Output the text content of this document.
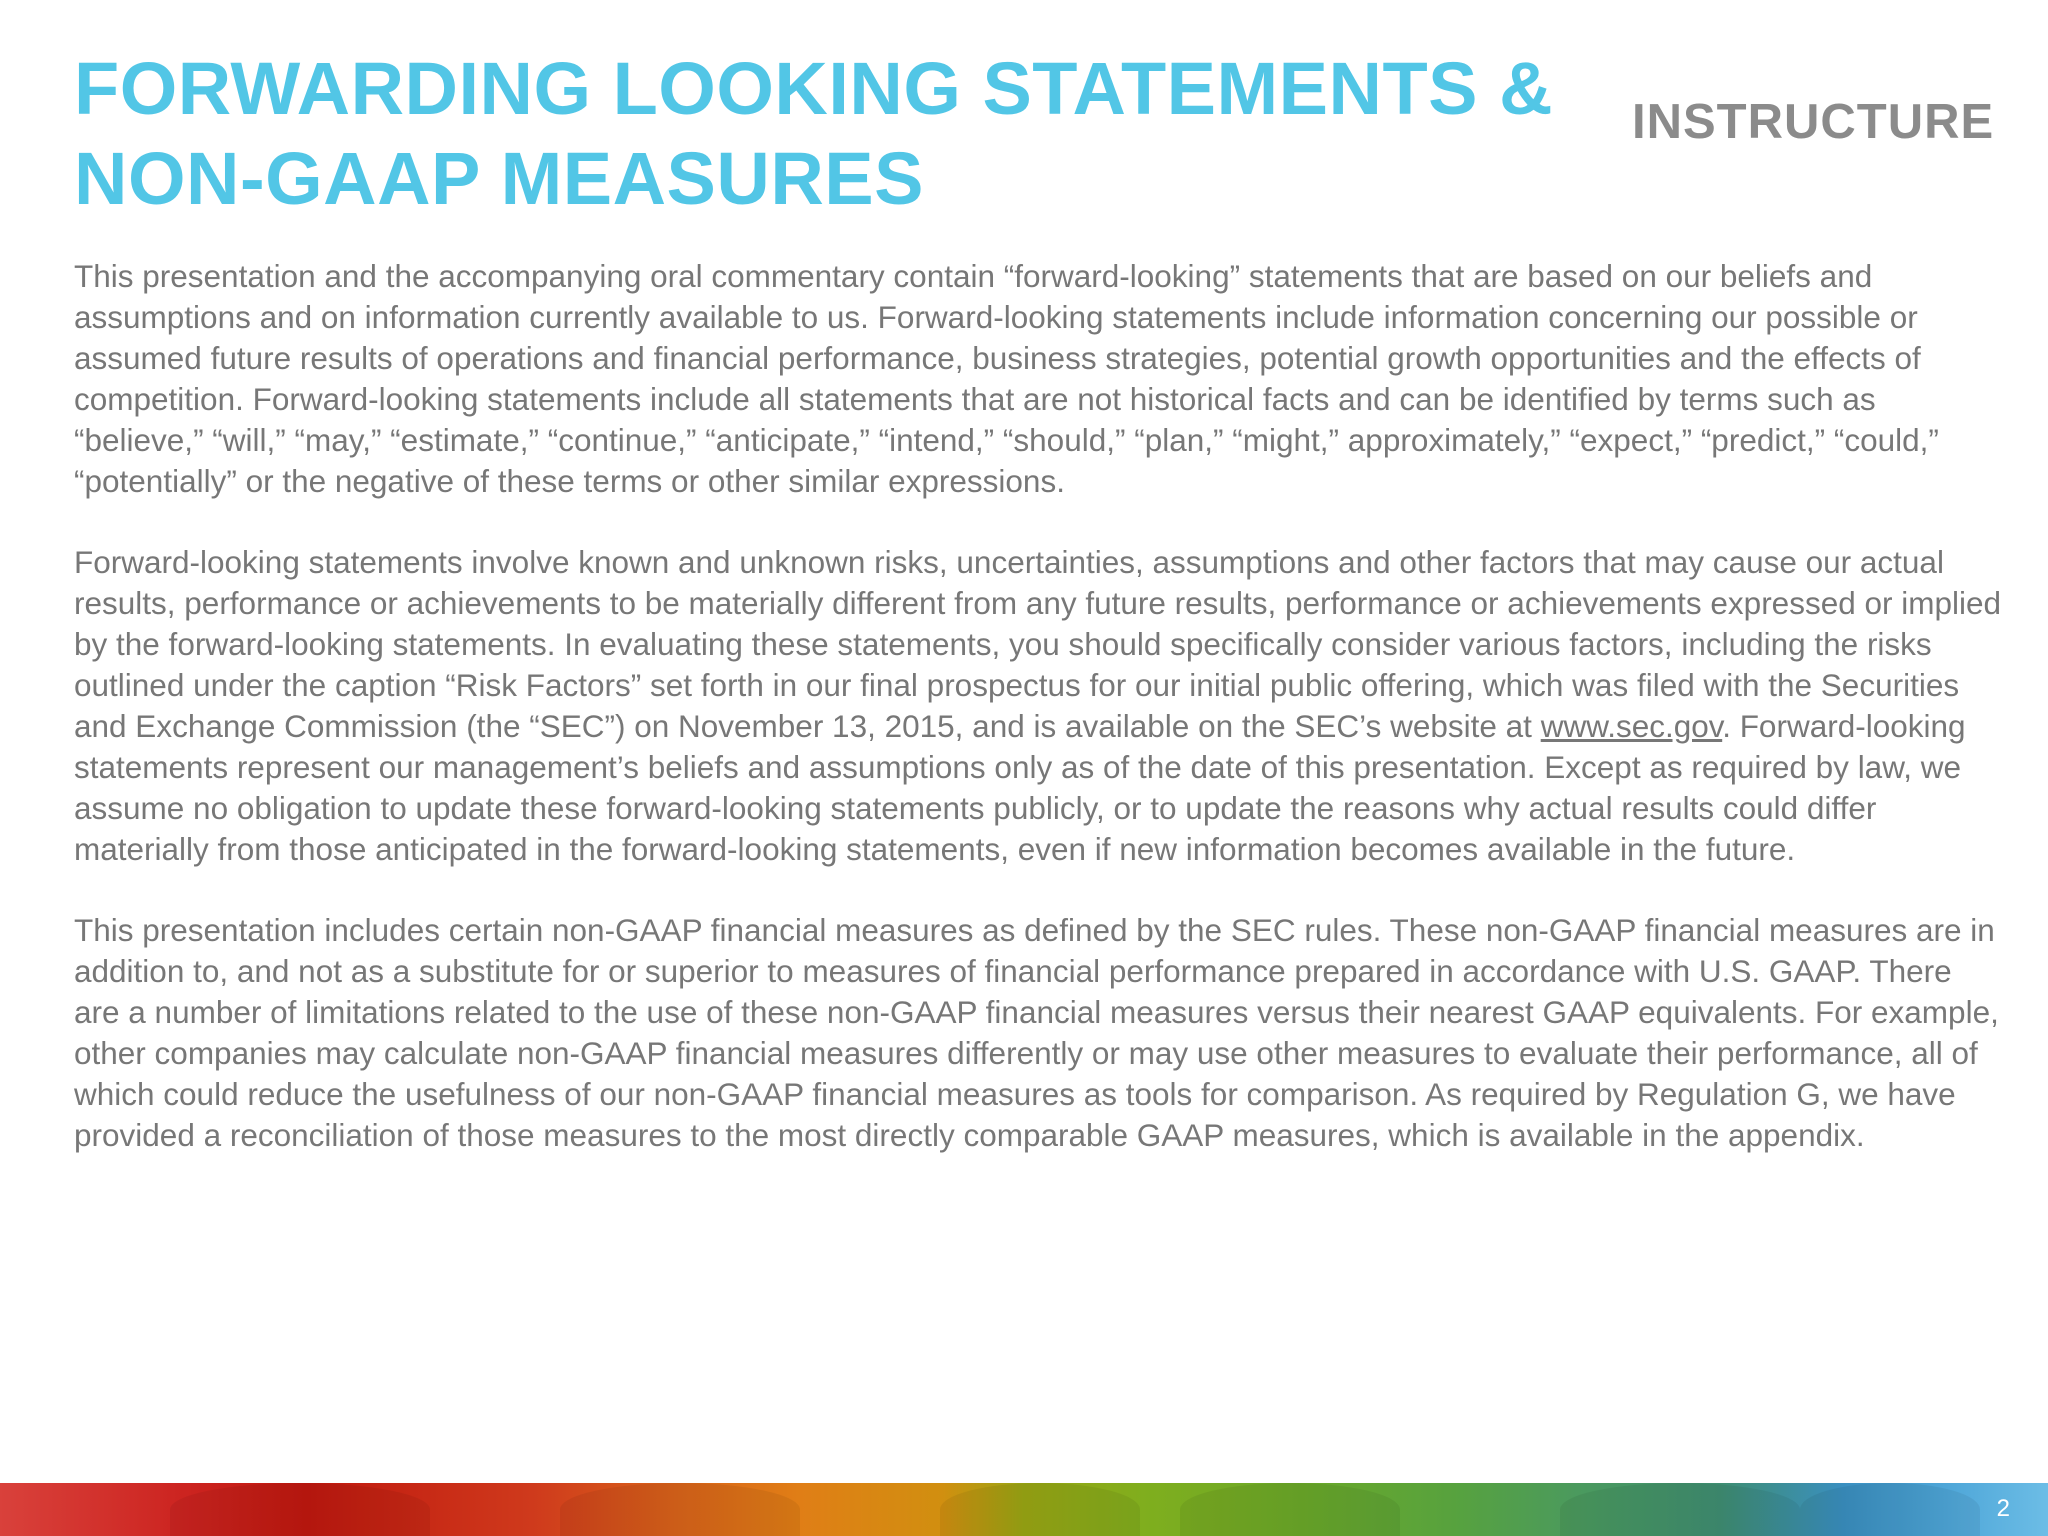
FORWARDING LOOKING STATEMENTS &
NON-GAAP MEASURES
INSTRUCTURE

This presentation and the accompanying oral commentary contain “forward-looking” statements that are based on our beliefs and assumptions and on information currently available to us. Forward-looking statements include information concerning our possible or assumed future results of operations and financial performance, business strategies, potential growth opportunities and the effects of competition. Forward-looking statements include all statements that are not historical facts and can be identified by terms such as “believe,” “will,” “may,” “estimate,” “continue,” “anticipate,” “intend,” “should,” “plan,” “might,” approximately,” “expect,” “predict,” “could,” “potentially” or the negative of these terms or other similar expressions.

Forward-looking statements involve known and unknown risks, uncertainties, assumptions and other factors that may cause our actual results, performance or achievements to be materially different from any future results, performance or achievements expressed or implied by the forward-looking statements. In evaluating these statements, you should specifically consider various factors, including the risks outlined under the caption “Risk Factors” set forth in our final prospectus for our initial public offering, which was filed with the Securities and Exchange Commission (the “SEC”) on November 13, 2015, and is available on the SEC’s website at www.sec.gov. Forward-looking statements represent our management’s beliefs and assumptions only as of the date of this presentation. Except as required by law, we assume no obligation to update these forward-looking statements publicly, or to update the reasons why actual results could differ materially from those anticipated in the forward-looking statements, even if new information becomes available in the future.

This presentation includes certain non-GAAP financial measures as defined by the SEC rules. These non-GAAP financial measures are in addition to, and not as a substitute for or superior to measures of financial performance prepared in accordance with U.S. GAAP. There are a number of limitations related to the use of these non-GAAP financial measures versus their nearest GAAP equivalents. For example, other companies may calculate non-GAAP financial measures differently or may use other measures to evaluate their performance, all of which could reduce the usefulness of our non-GAAP financial measures as tools for comparison. As required by Regulation G, we have provided a reconciliation of those measures to the most directly comparable GAAP measures, which is available in the appendix.

2
